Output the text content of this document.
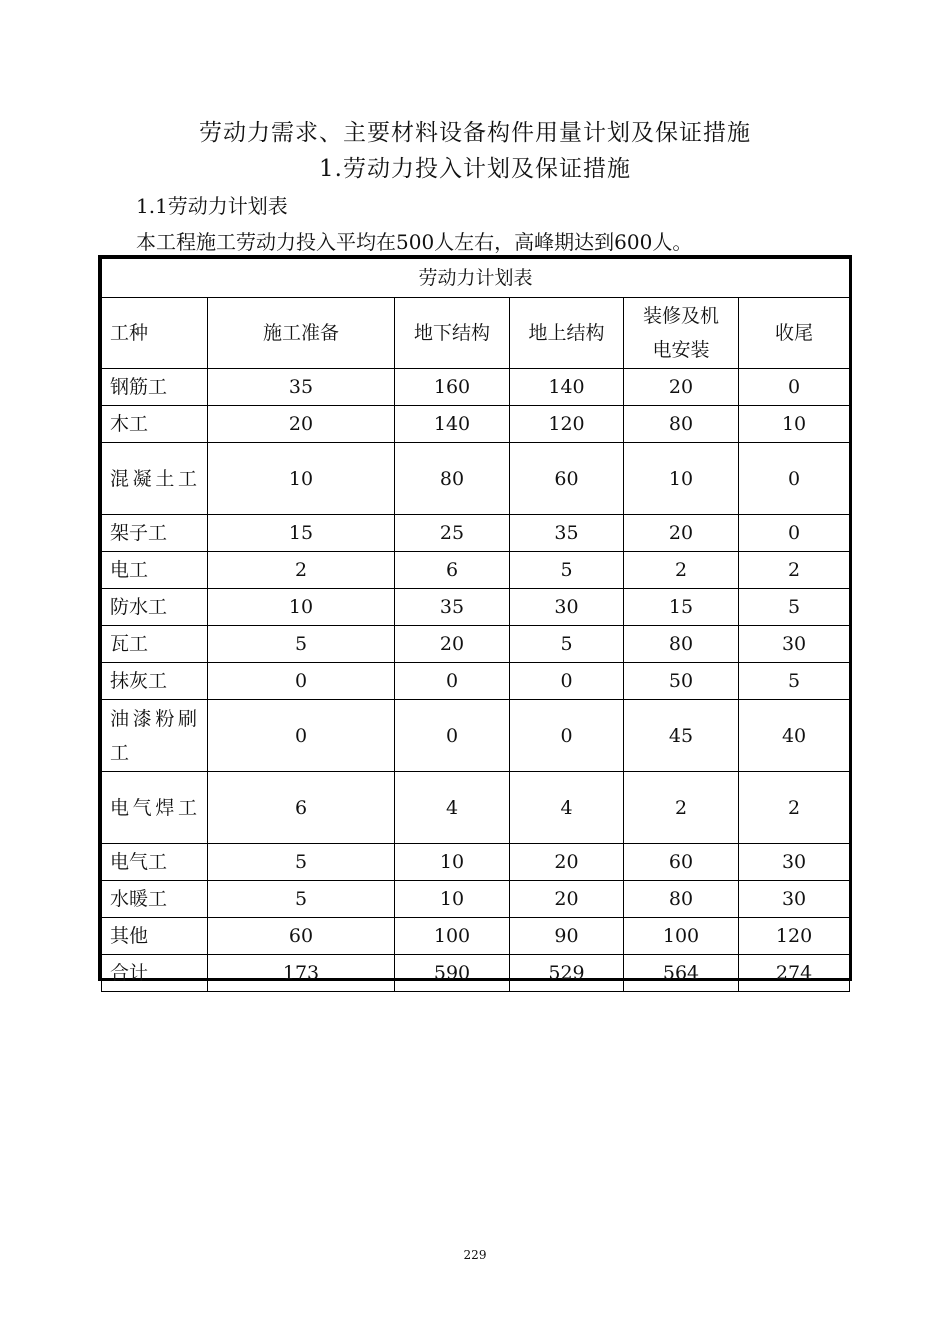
劳动力需求、主要材料设备构件用量计划及保证措施
1.劳动力投入计划及保证措施
1.1劳动力计划表
本工程施工劳动力投入平均在500人左右，高峰期达到600人。
劳动力计划表					
工种	施工准备	地下结构	地上结构	装修及机电安装	收尾
钢筋工	35	160	140	20	0
木工	20	140	120	80	10
混凝土工	10	80	60	10	0
架子工	15	25	35	20	0
电工	2	6	5	2	2
防水工	10	35	30	15	5
瓦工	5	20	5	80	30
抹灰工	0	0	0	50	5
油漆粉刷工	0	0	0	45	40
电气焊工	6	4	4	2	2
电气工	5	10	20	60	30
水暖工	5	10	20	80	30
其他	60	100	90	100	120
合计	173	590	529	564	274
229
